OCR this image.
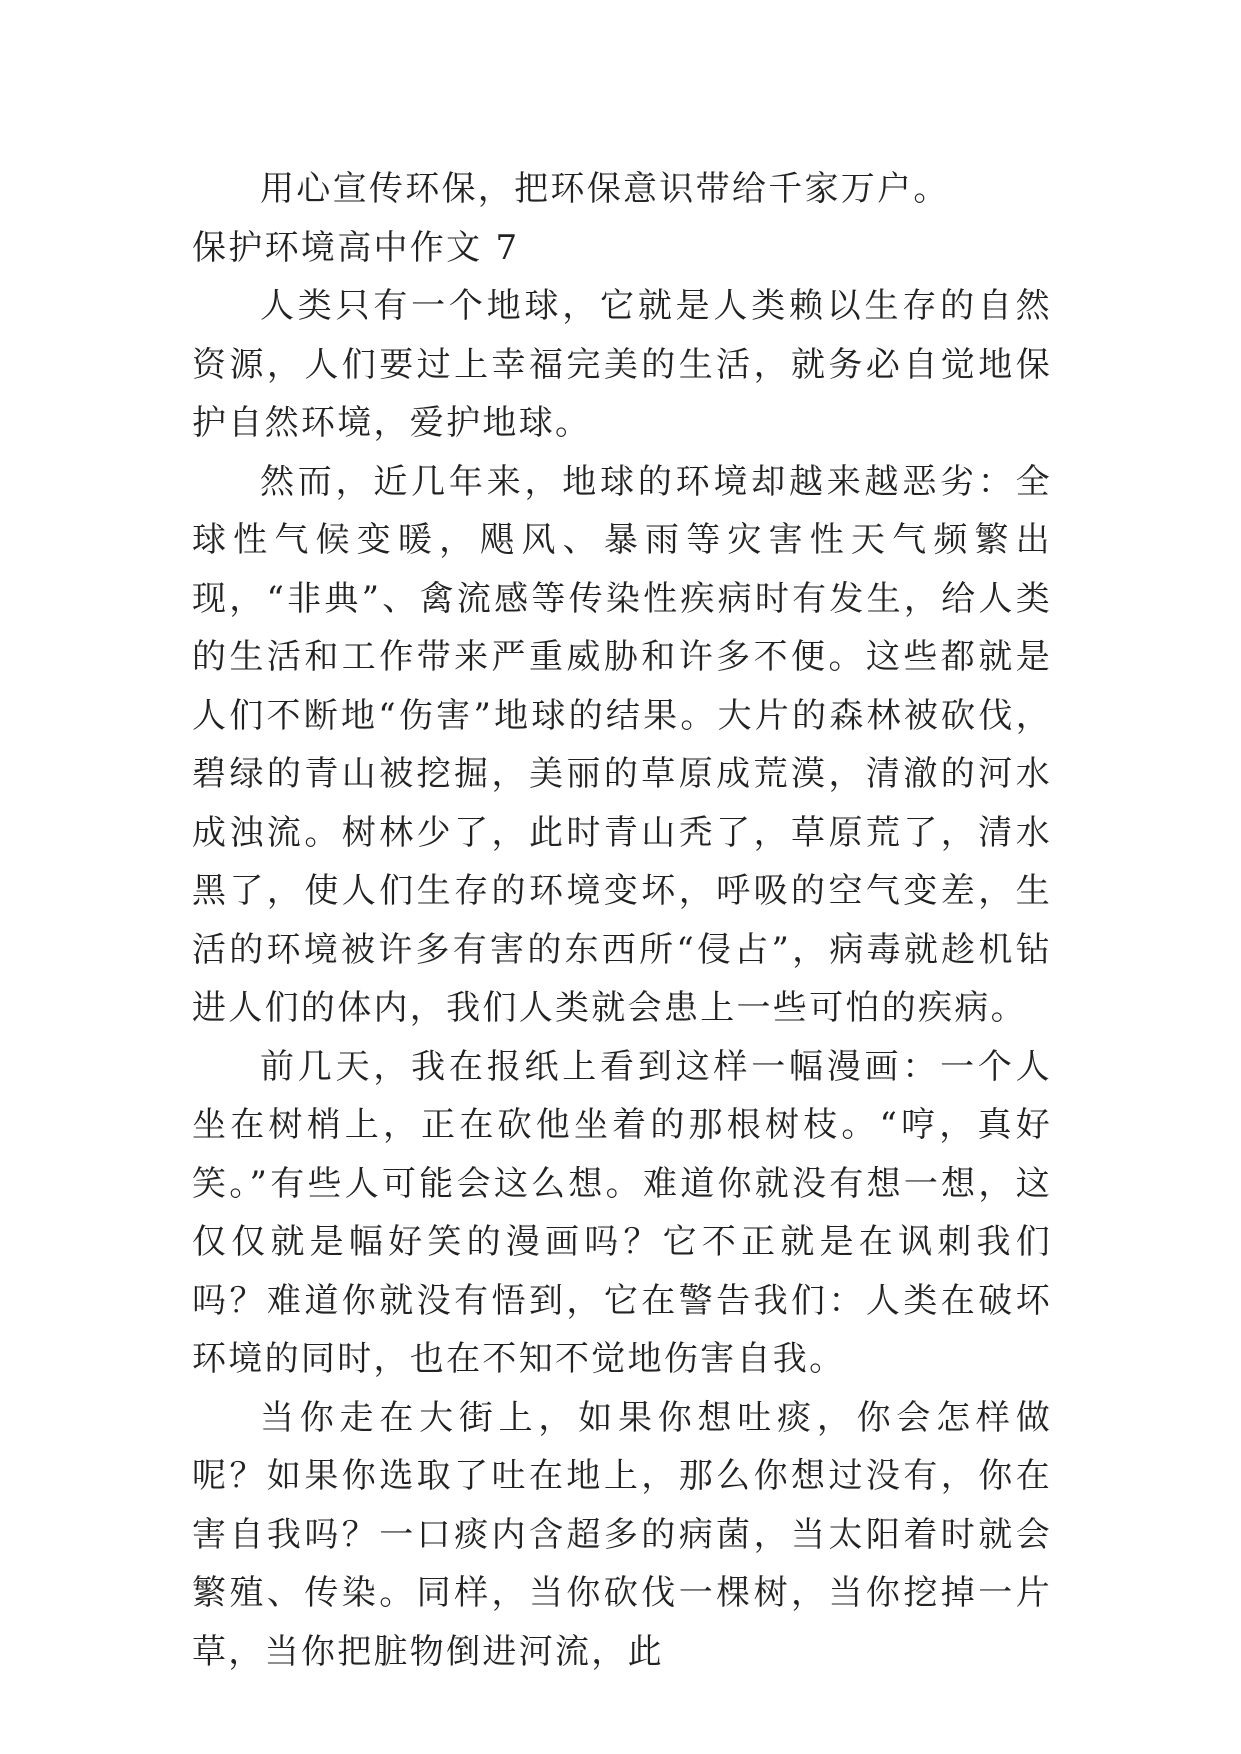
用心宣传环保，把环保意识带给千家万户。

保护环境高中作文 7

人类只有一个地球，它就是人类赖以生存的自然资源，人们要过上幸福完美的生活，就务必自觉地保护自然环境，爱护地球。

然而，近几年来，地球的环境却越来越恶劣：全球性气候变暖，飓风、暴雨等灾害性天气频繁出现，“非典”、禽流感等传染性疾病时有发生，给人类的生活和工作带来严重威胁和许多不便。这些都就是人们不断地“伤害”地球的结果。大片的森林被砍伐，碧绿的青山被挖掘，美丽的草原成荒漠，清澈的河水成浊流。树林少了，此时青山秃了，草原荒了，清水黑了，使人们生存的环境变坏，呼吸的空气变差，生活的环境被许多有害的东西所“侵占”，病毒就趁机钻进人们的体内，我们人类就会患上一些可怕的疾病。

前几天，我在报纸上看到这样一幅漫画：一个人坐在树梢上，正在砍他坐着的那根树枝。“哼，真好笑。”有些人可能会这么想。难道你就没有想一想，这仅仅就是幅好笑的漫画吗？它不正就是在讽刺我们吗？难道你就没有悟到，它在警告我们：人类在破坏环境的同时，也在不知不觉地伤害自我。

当你走在大街上，如果你想吐痰，你会怎样做呢？如果你选取了吐在地上，那么你想过没有，你在害自我吗？一口痰内含超多的病菌，当太阳着时就会繁殖、传染。同样，当你砍伐一棵树，当你挖掉一片草，当你把脏物倒进河流，此
